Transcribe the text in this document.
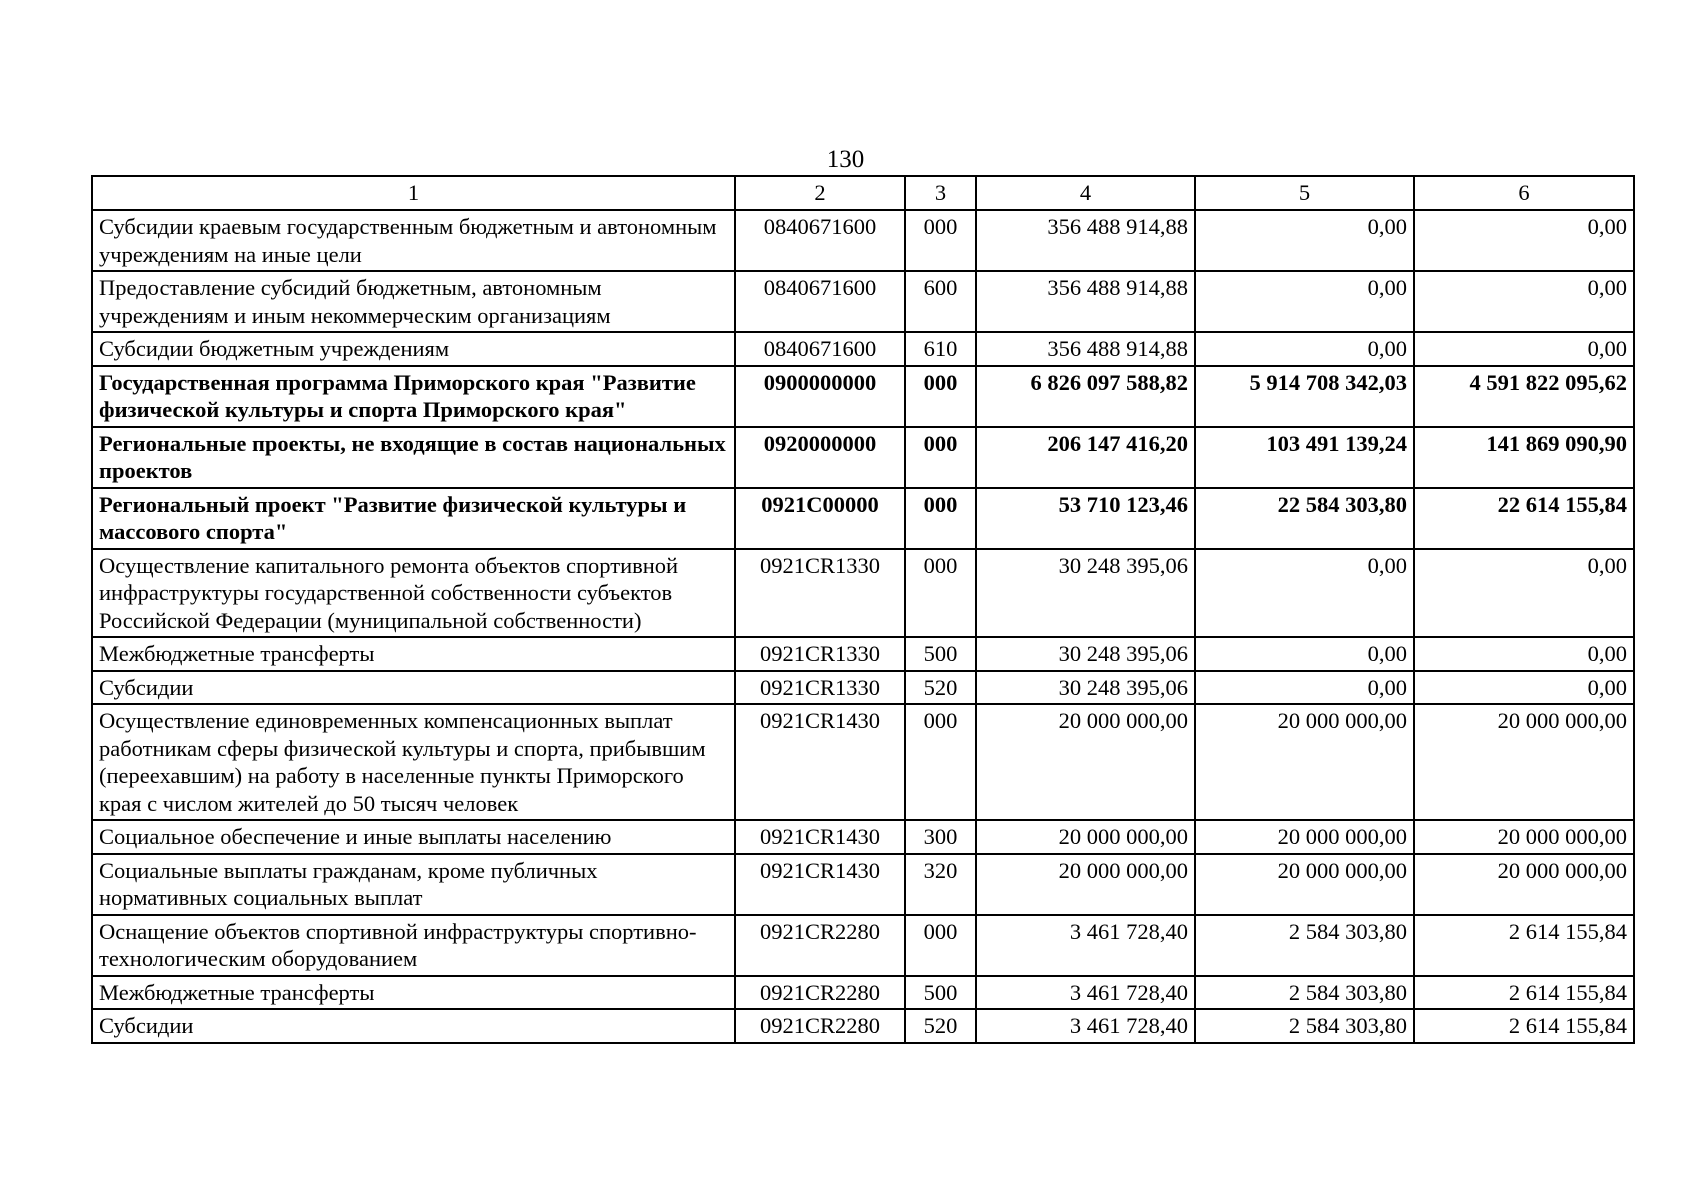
130
1	2	3	4	5	6
Субсидии краевым государственным бюджетным и автономным учреждениям на иные цели	0840671600	000	356 488 914,88	0,00	0,00
Предоставление субсидий бюджетным, автономным учреждениям и иным некоммерческим организациям	0840671600	600	356 488 914,88	0,00	0,00
Субсидии бюджетным учреждениям	0840671600	610	356 488 914,88	0,00	0,00
Государственная программа Приморского края "Развитие физической культуры и спорта Приморского края"	0900000000	000	6 826 097 588,82	5 914 708 342,03	4 591 822 095,62
Региональные проекты, не входящие в состав национальных проектов	0920000000	000	206 147 416,20	103 491 139,24	141 869 090,90
Региональный проект "Развитие физической культуры и массового спорта"	0921C00000	000	53 710 123,46	22 584 303,80	22 614 155,84
Осуществление капитального ремонта объектов спортивной инфраструктуры государственной собственности субъектов Российской Федерации (муниципальной собственности)	0921CR1330	000	30 248 395,06	0,00	0,00
Межбюджетные трансферты	0921CR1330	500	30 248 395,06	0,00	0,00
Субсидии	0921CR1330	520	30 248 395,06	0,00	0,00
Осуществление единовременных компенсационных выплат работникам сферы физической культуры и спорта, прибывшим (переехавшим) на работу в населенные пункты Приморского края с числом жителей до 50 тысяч человек	0921CR1430	000	20 000 000,00	20 000 000,00	20 000 000,00
Социальное обеспечение и иные выплаты населению	0921CR1430	300	20 000 000,00	20 000 000,00	20 000 000,00
Социальные выплаты гражданам, кроме публичных нормативных социальных выплат	0921CR1430	320	20 000 000,00	20 000 000,00	20 000 000,00
Оснащение объектов спортивной инфраструктуры спортивно-технологическим оборудованием	0921CR2280	000	3 461 728,40	2 584 303,80	2 614 155,84
Межбюджетные трансферты	0921CR2280	500	3 461 728,40	2 584 303,80	2 614 155,84
Субсидии	0921CR2280	520	3 461 728,40	2 584 303,80	2 614 155,84
